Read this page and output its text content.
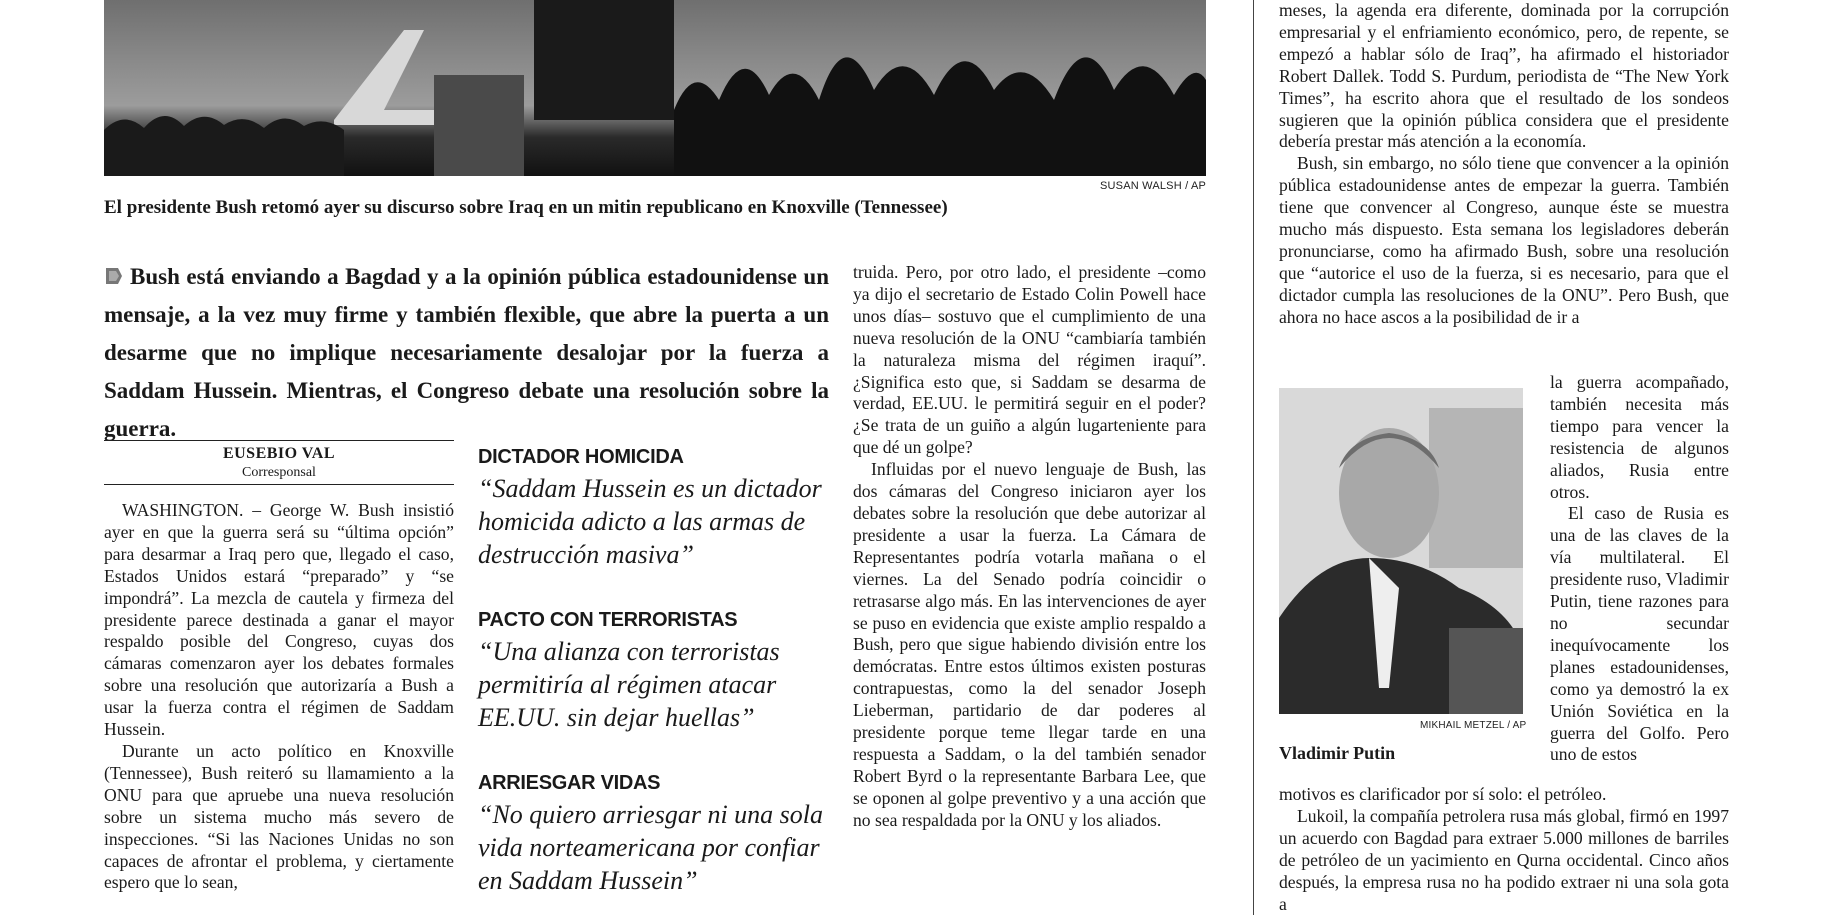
SUSAN WALSH / AP
El presidente Bush retomó ayer su discurso sobre Iraq en un mitin republicano en Knoxville (Tennessee)
Bush está enviando a Bagdad y a la opinión pública estadounidense un mensaje, a la vez muy firme y también flexible, que abre la puerta a un desarme que no implique necesariamente desalojar por la fuerza a Saddam Hussein. Mientras, el Congreso debate una resolución sobre la guerra.
EUSEBIO VAL
Corresponsal

WASHINGTON. – George W. Bush insistió ayer en que la guerra será su “última opción” para desarmar a Iraq pero que, llegado el caso, Estados Unidos estará “preparado” y “se impondrá”. La mezcla de cautela y firmeza del presidente parece destinada a ganar el mayor respaldo posible del Congreso, cuyas dos cámaras comenzaron ayer los debates formales sobre una resolución que autorizaría a Bush a usar la fuerza contra el régimen de Saddam Hussein.

Durante un acto político en Knoxville (Tennessee), Bush reiteró su llamamiento a la ONU para que apruebe una nueva resolución sobre un sistema mucho más severo de inspecciones. “Si las Naciones Unidas no son capaces de afrontar el problema, y ciertamente espero que lo sean,

DICTADOR HOMICIDA
“Saddam Hussein es un dictador homicida adicto a las armas de destrucción masiva”
PACTO CON TERRORISTAS
“Una alianza con terroristas permitiría al régimen atacar EE.UU. sin dejar huellas”
ARRIESGAR VIDAS
“No quiero arriesgar ni una sola vida norteamericana por confiar en Saddam Hussein”

truida. Pero, por otro lado, el presidente –como ya dijo el secretario de Estado Colin Powell hace unos días– sostuvo que el cumplimiento de una nueva resolución de la ONU “cambiaría también la naturaleza misma del régimen iraquí”. ¿Significa esto que, si Saddam se desarma de verdad, EE.UU. le permitirá seguir en el poder? ¿Se trata de un guiño a algún lugarteniente para que dé un golpe?

Influidas por el nuevo lenguaje de Bush, las dos cámaras del Congreso iniciaron ayer los debates sobre la resolución que debe autorizar al presidente a usar la fuerza. La Cámara de Representantes podría votarla mañana o el viernes. La del Senado podría coincidir o retrasarse algo más. En las intervenciones de ayer se puso en evidencia que existe amplio respaldo a Bush, pero que sigue habiendo división entre los demócratas. Entre estos últimos existen posturas contrapuestas, como la del senador Joseph Lieberman, partidario de dar poderes al presidente porque teme llegar tarde en una respuesta a Saddam, o la del también senador Robert Byrd o la representante Barbara Lee, que se oponen al golpe preventivo y a una acción que no sea respaldada por la ONU y los aliados.

meses, la agenda era diferente, dominada por la corrupción empresarial y el enfriamiento económico, pero, de repente, se empezó a hablar sólo de Iraq”, ha afirmado el historiador Robert Dallek. Todd S. Purdum, periodista de “The New York Times”, ha escrito ahora que el resultado de los sondeos sugieren que la opinión pública considera que el presidente debería prestar más atención a la economía.

Bush, sin embargo, no sólo tiene que convencer a la opinión pública estadounidense antes de empezar la guerra. También tiene que convencer al Congreso, aunque éste se muestra mucho más dispuesto. Esta semana los legisladores deberán pronunciarse, como ha afirmado Bush, sobre una resolución que “autorice el uso de la fuerza, si es necesario, para que el dictador cumpla las resoluciones de la ONU”. Pero Bush, que ahora no hace ascos a la posibilidad de ir a

MIKHAIL METZEL / AP
Vladimir Putin

la guerra acompañado, también necesita más tiempo para vencer la resistencia de algunos aliados, Rusia entre otros.

El caso de Rusia es una de las claves de la vía multilateral. El presidente ruso, Vladimir Putin, tiene razones para no secundar inequívocamente los planes estadounidenses, como ya demostró la ex Unión Soviética en la guerra del Golfo. Pero uno de estos

motivos es clarificador por sí solo: el petróleo.

Lukoil, la compañía petrolera rusa más global, firmó en 1997 un acuerdo con Bagdad para extraer 5.000 millones de barriles de petróleo de un yacimiento en Qurna occidental. Cinco años después, la empresa rusa no ha podido extraer ni una sola gota a
